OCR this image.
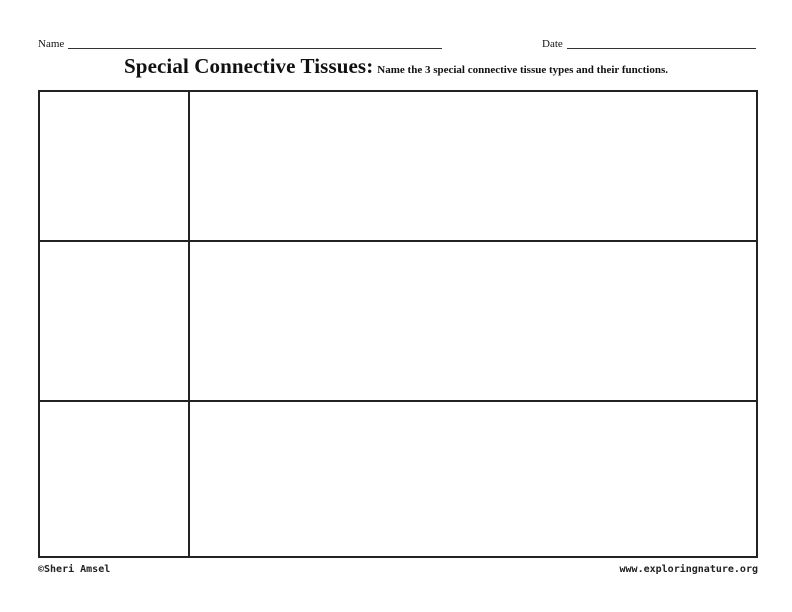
Name	Date
Special Connective Tissues: Name the 3 special connective tissue types and their functions.
©Sheri Amsel	www.exploringnature.org
